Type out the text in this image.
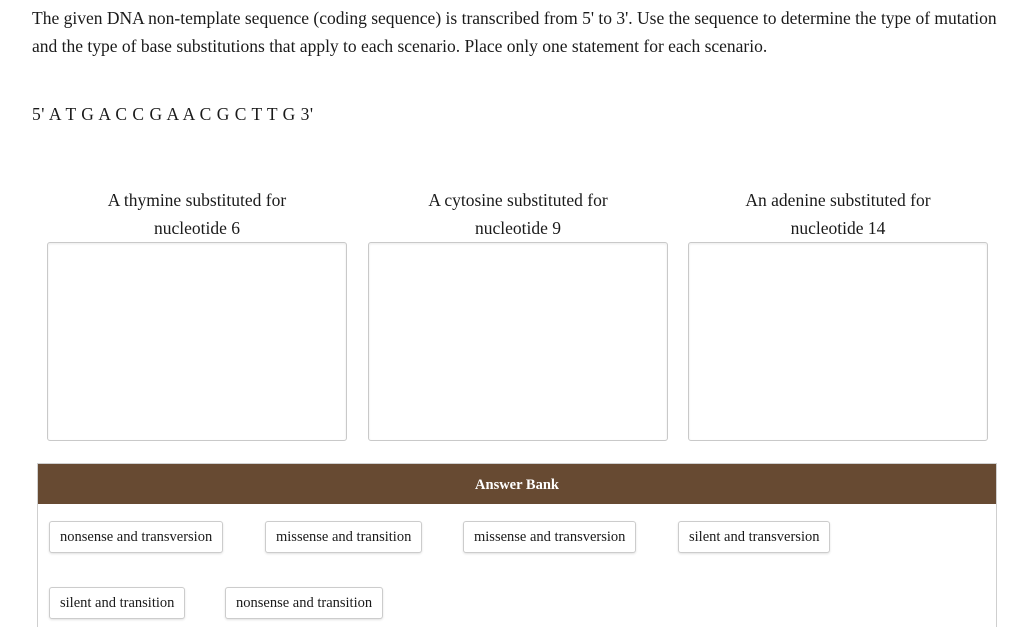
The given DNA non-template sequence (coding sequence) is transcribed from 5' to 3'. Use the sequence to determine the type of mutation and the type of base substitutions that apply to each scenario. Place only one statement for each scenario.

5' A T G A C C G A A C G C T T G 3'

A thymine substituted for
nucleotide 6
A cytosine substituted for
nucleotide 9
An adenine substituted for
nucleotide 14
Answer Bank
nonsense and transversion	missense and transition	missense and transversion	silent and transversion
silent and transition	nonsense and transition
